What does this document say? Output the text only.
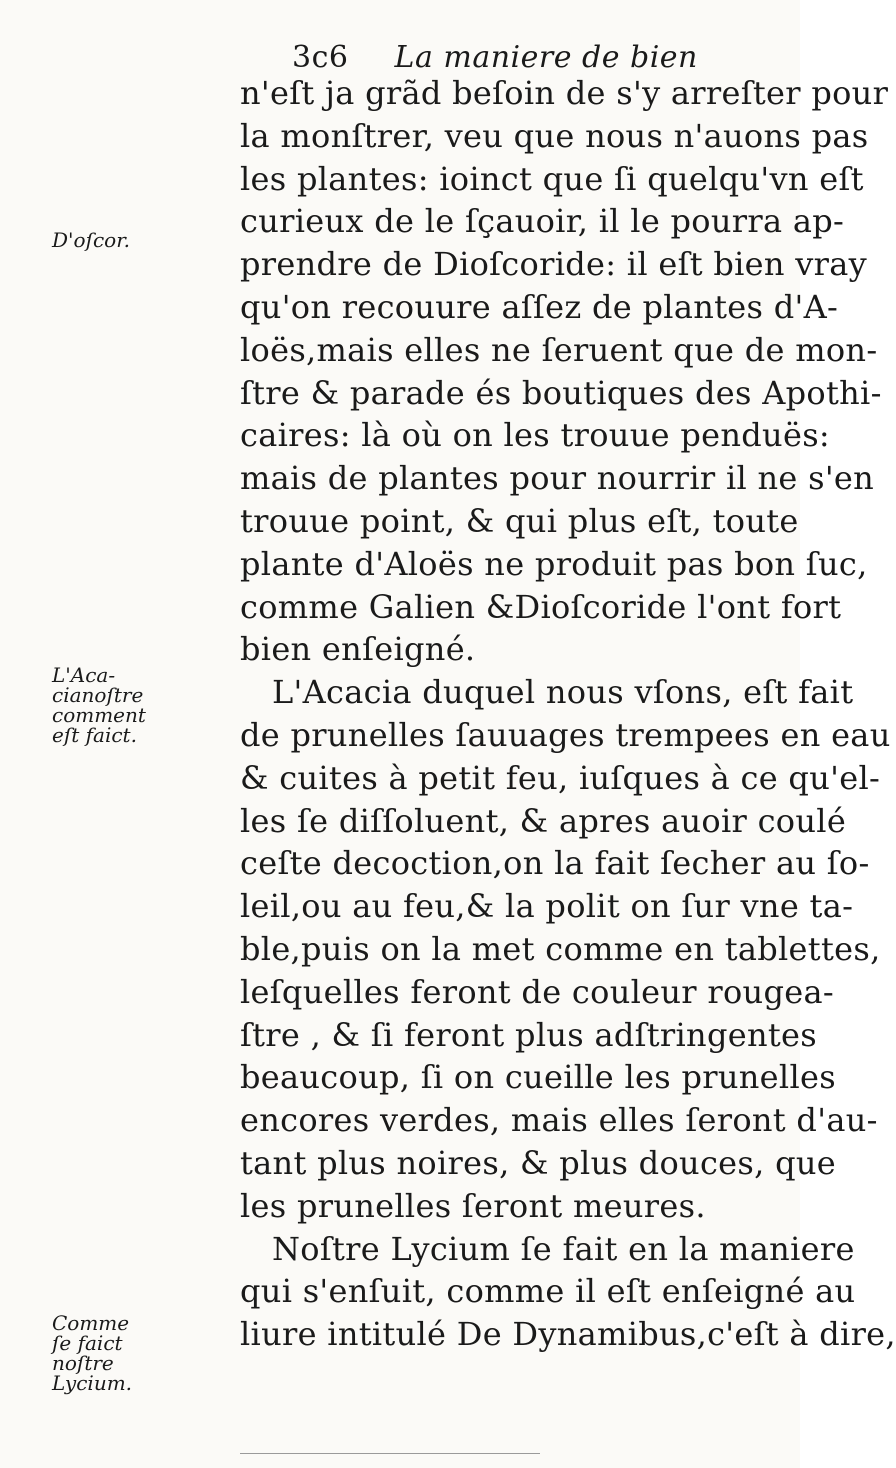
3c6 La maniere de bien
n'eſt ja grãd beſoin de s'y arreſter pour
la monſtrer, veu que nous n'auons pas
les plantes: ioinct que ſi quelqu'vn eſt
curieux de le ſçauoir, il le pourra ap-
prendre de Dioſcoride: il eſt bien vray
qu'on recouure aſſez de plantes d'A-
loës,mais elles ne ſeruent que de mon-
ſtre & parade és boutiques des Apothi-
caires: là où on les trouue penduës:
mais de plantes pour nourrir il ne s'en
trouue point, & qui plus eſt, toute
plante d'Aloës ne produit pas bon ſuc,
comme Galien &Dioſcoride l'ont fort
bien enſeigné.
L'Acacia duquel nous vſons, eſt fait
de prunelles ſauuages trempees en eau
& cuites à petit feu, iuſques à ce qu'el-
les ſe diſſoluent, & apres auoir coulé
ceſte decoction,on la fait ſecher au ſo-
leil,ou au feu,& la polit on ſur vne ta-
ble,puis on la met comme en tablettes,
leſquelles feront de couleur rougea-
ſtre , & ſi feront plus adſtringentes
beaucoup, ſi on cueille les prunelles
encores verdes, mais elles ſeront d'au-
tant plus noires, & plus douces, que
les prunelles ſeront meures.
Noſtre Lycium ſe fait en la maniere
qui s'enſuit, comme il eſt enſeigné au
liure intitulé De Dynamibus,c'eſt à dire,
D'oſcor.
L'Aca-
cianoſtre
comment
eſt faict.
Comme
ſe faict
noſtre
Lycium.
